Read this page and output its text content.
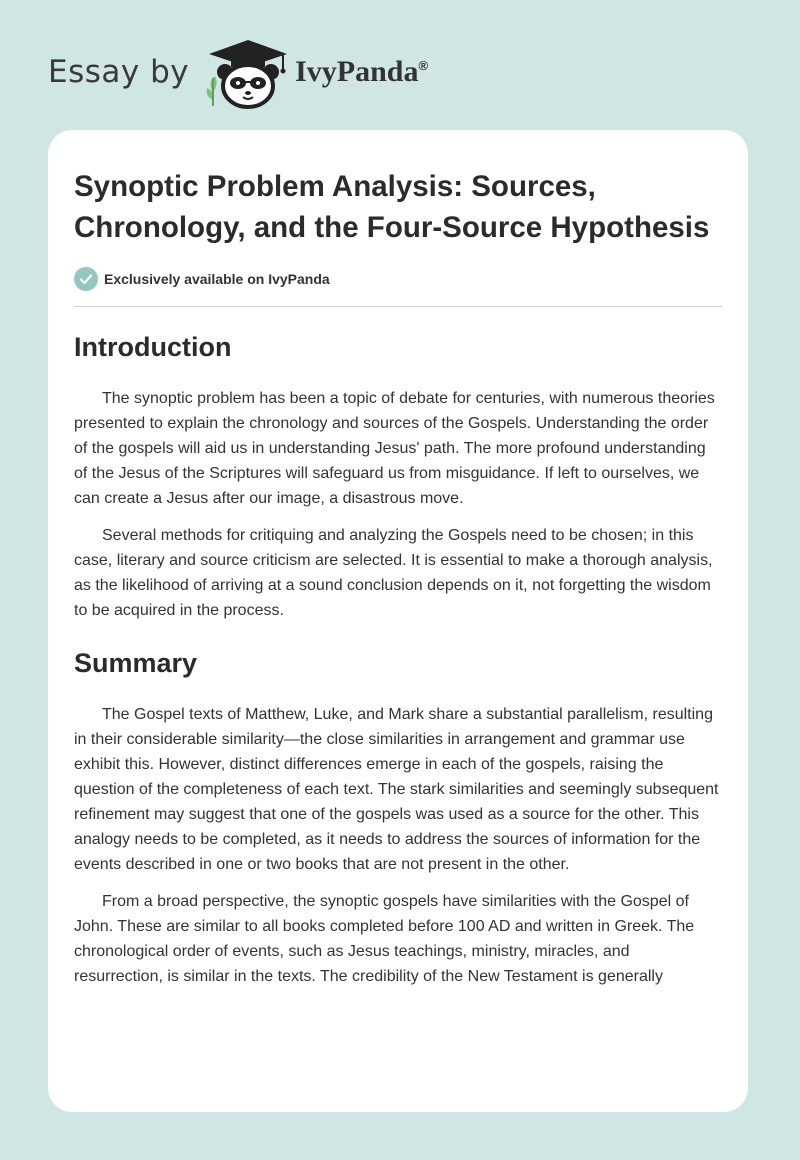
Essay by	IvyPanda®
Synoptic Problem Analysis: Sources, Chronology, and the Four-Source Hypothesis
Exclusively available on IvyPanda
Introduction

The synoptic problem has been a topic of debate for centuries, with numerous theories presented to explain the chronology and sources of the Gospels. Understanding the order of the gospels will aid us in understanding Jesus' path. The more profound understanding of the Jesus of the Scriptures will safeguard us from misguidance. If left to ourselves, we can create a Jesus after our image, a disastrous move.

Several methods for critiquing and analyzing the Gospels need to be chosen; in this case, literary and source criticism are selected. It is essential to make a thorough analysis, as the likelihood of arriving at a sound conclusion depends on it, not forgetting the wisdom to be acquired in the process.

Summary

The Gospel texts of Matthew, Luke, and Mark share a substantial parallelism, resulting in their considerable similarity—the close similarities in arrangement and grammar use exhibit this. However, distinct differences emerge in each of the gospels, raising the question of the completeness of each text. The stark similarities and seemingly subsequent refinement may suggest that one of the gospels was used as a source for the other. This analogy needs to be completed, as it needs to address the sources of information for the events described in one or two books that are not present in the other.

From a broad perspective, the synoptic gospels have similarities with the Gospel of John. These are similar to all books completed before 100 AD and written in Greek. The chronological order of events, such as Jesus teachings, ministry, miracles, and resurrection, is similar in the texts. The credibility of the New Testament is generally
